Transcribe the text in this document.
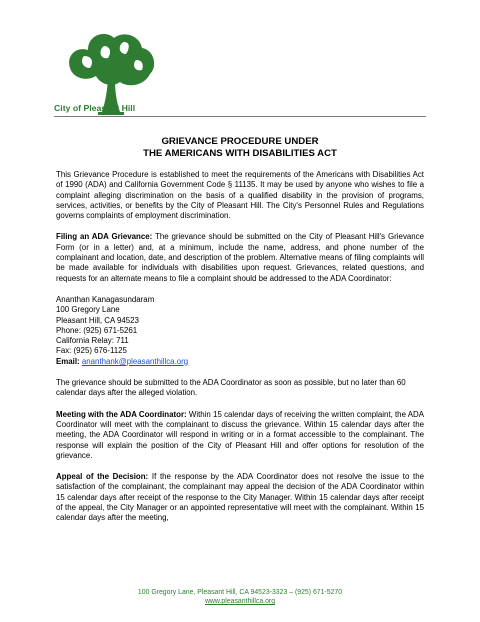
City of Pleasant Hill
GRIEVANCE PROCEDURE UNDER
THE AMERICANS WITH DISABILITIES ACT

This Grievance Procedure is established to meet the requirements of the Americans with Disabilities Act of 1990 (ADA) and California Government Code § 11135. It may be used by anyone who wishes to file a complaint alleging discrimination on the basis of a qualified disability in the provision of programs, services, activities, or benefits by the City of Pleasant Hill. The City's Personnel Rules and Regulations governs complaints of employment discrimination.

Filing an ADA Grievance: The grievance should be submitted on the City of Pleasant Hill's Grievance Form (or in a letter) and, at a minimum, include the name, address, and phone number of the complainant and location, date, and description of the problem. Alternative means of filing complaints will be made available for individuals with disabilities upon request. Grievances, related questions, and requests for an alternate means to file a complaint should be addressed to the ADA Coordinator:

Ananthan Kanagasundaram
100 Gregory Lane
Pleasant Hill, CA 94523
Phone: (925) 671-5261
California Relay: 711
Fax: (925) 676-1125
Email: ananthank@pleasanthillca.org

The grievance should be submitted to the ADA Coordinator as soon as possible, but no later than 60 calendar days after the alleged violation.

Meeting with the ADA Coordinator: Within 15 calendar days of receiving the written complaint, the ADA Coordinator will meet with the complainant to discuss the grievance. Within 15 calendar days after the meeting, the ADA Coordinator will respond in writing or in a format accessible to the complainant. The response will explain the position of the City of Pleasant Hill and offer options for resolution of the grievance.

Appeal of the Decision: If the response by the ADA Coordinator does not resolve the issue to the satisfaction of the complainant, the complainant may appeal the decision of the ADA Coordinator within 15 calendar days after receipt of the response to the City Manager. Within 15 calendar days after receipt of the appeal, the City Manager or an appointed representative will meet with the complainant. Within 15 calendar days after the meeting,

100 Gregory Lane, Pleasant Hill, CA 94523-3323 – (925) 671-5270
www.pleasanthillca.org
